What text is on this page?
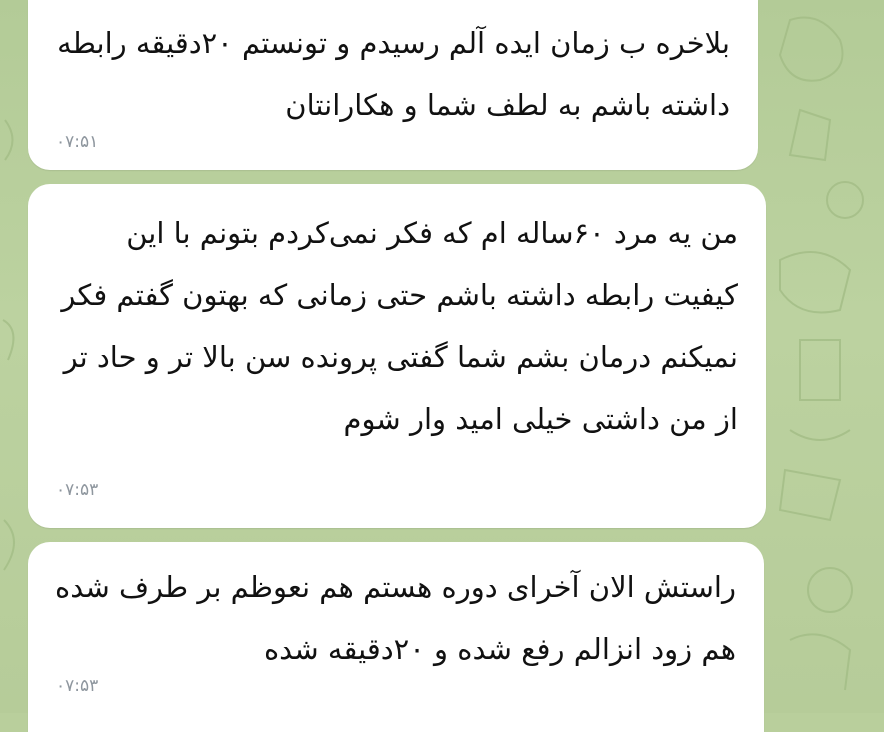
بلاخره ب زمان ایده آلم رسیدم و تونستم ۲۰دقیقه رابطه داشته باشم به لطف شما و هکارانتان
۰۷:۵۱
من یه مرد ۶۰ساله ام که فکر نمی‌کردم بتونم با این کیفیت رابطه داشته باشم حتی زمانی که بهتون گفتم فکر نمیکنم درمان بشم شما گفتی پرونده سن بالا تر و حاد تر از من داشتی خیلی امید وار شوم
۰۷:۵۳
راستش الان آخرای دوره هستم هم نعوظم بر طرف شده هم زود انزالم رفع شده و ۲۰دقیقه شده
۰۷:۵۳
